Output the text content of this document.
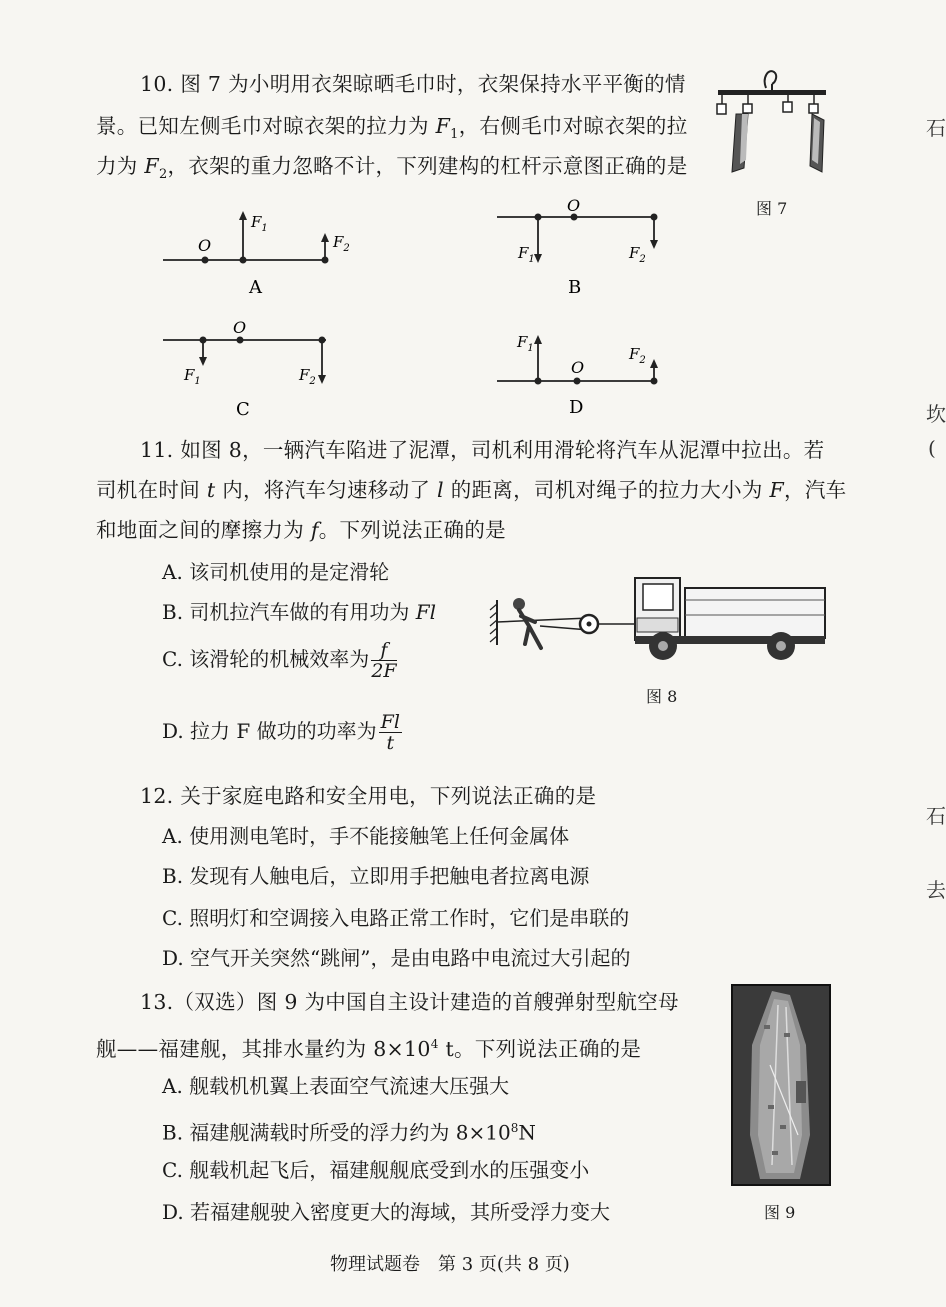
10. 图 7 为小明用衣架晾晒毛巾时，衣架保持水平平衡的情
景。已知左侧毛巾对晾衣架的拉力为 $F_1$，右侧毛巾对晾衣架的拉
力为 $F_2$，衣架的重力忽略不计，下列建构的杠杆示意图正确的是
图 7
O
$F_1$
$F_2$
A
O
$F_1$	$F_2$
B
O
$F_1$	$F_2$
C
O
$F_1$	$F_2$
D
11. 如图 8，一辆汽车陷进了泥潭，司机利用滑轮将汽车从泥潭中拉出。若
司机在时间 t 内，将汽车匀速移动了 l 的距离，司机对绳子的拉力大小为 F，汽车
和地面之间的摩擦力为 f。下列说法正确的是
A. 该司机使用的是定滑轮
B. 司机拉汽车做的有用功为 Fl
C. 该滑轮的机械效率为 $\frac{f}{2F}$
D. 拉力 F 做功的功率为 $\frac{Fl}{t}$
图 8
12. 关于家庭电路和安全用电，下列说法正确的是
A. 使用测电笔时，手不能接触笔上任何金属体
B. 发现有人触电后，立即用手把触电者拉离电源
C. 照明灯和空调接入电路正常工作时，它们是串联的
D. 空气开关突然“跳闸”，是由电路中电流过大引起的
13.（双选）图 9 为中国自主设计建造的首艘弹射型航空母
舰——福建舰，其排水量约为 $8\times 10^4$ t。下列说法正确的是
A. 舰载机机翼上表面空气流速大压强大
B. 福建舰满载时所受的浮力约为 $8\times 10^8N$
C. 舰载机起飞后，福建舰舰底受到水的压强变小
D. 若福建舰驶入密度更大的海域，其所受浮力变大	图 9
物理试题卷　第 3 页(共 8 页)
石
坎
(
石
去
